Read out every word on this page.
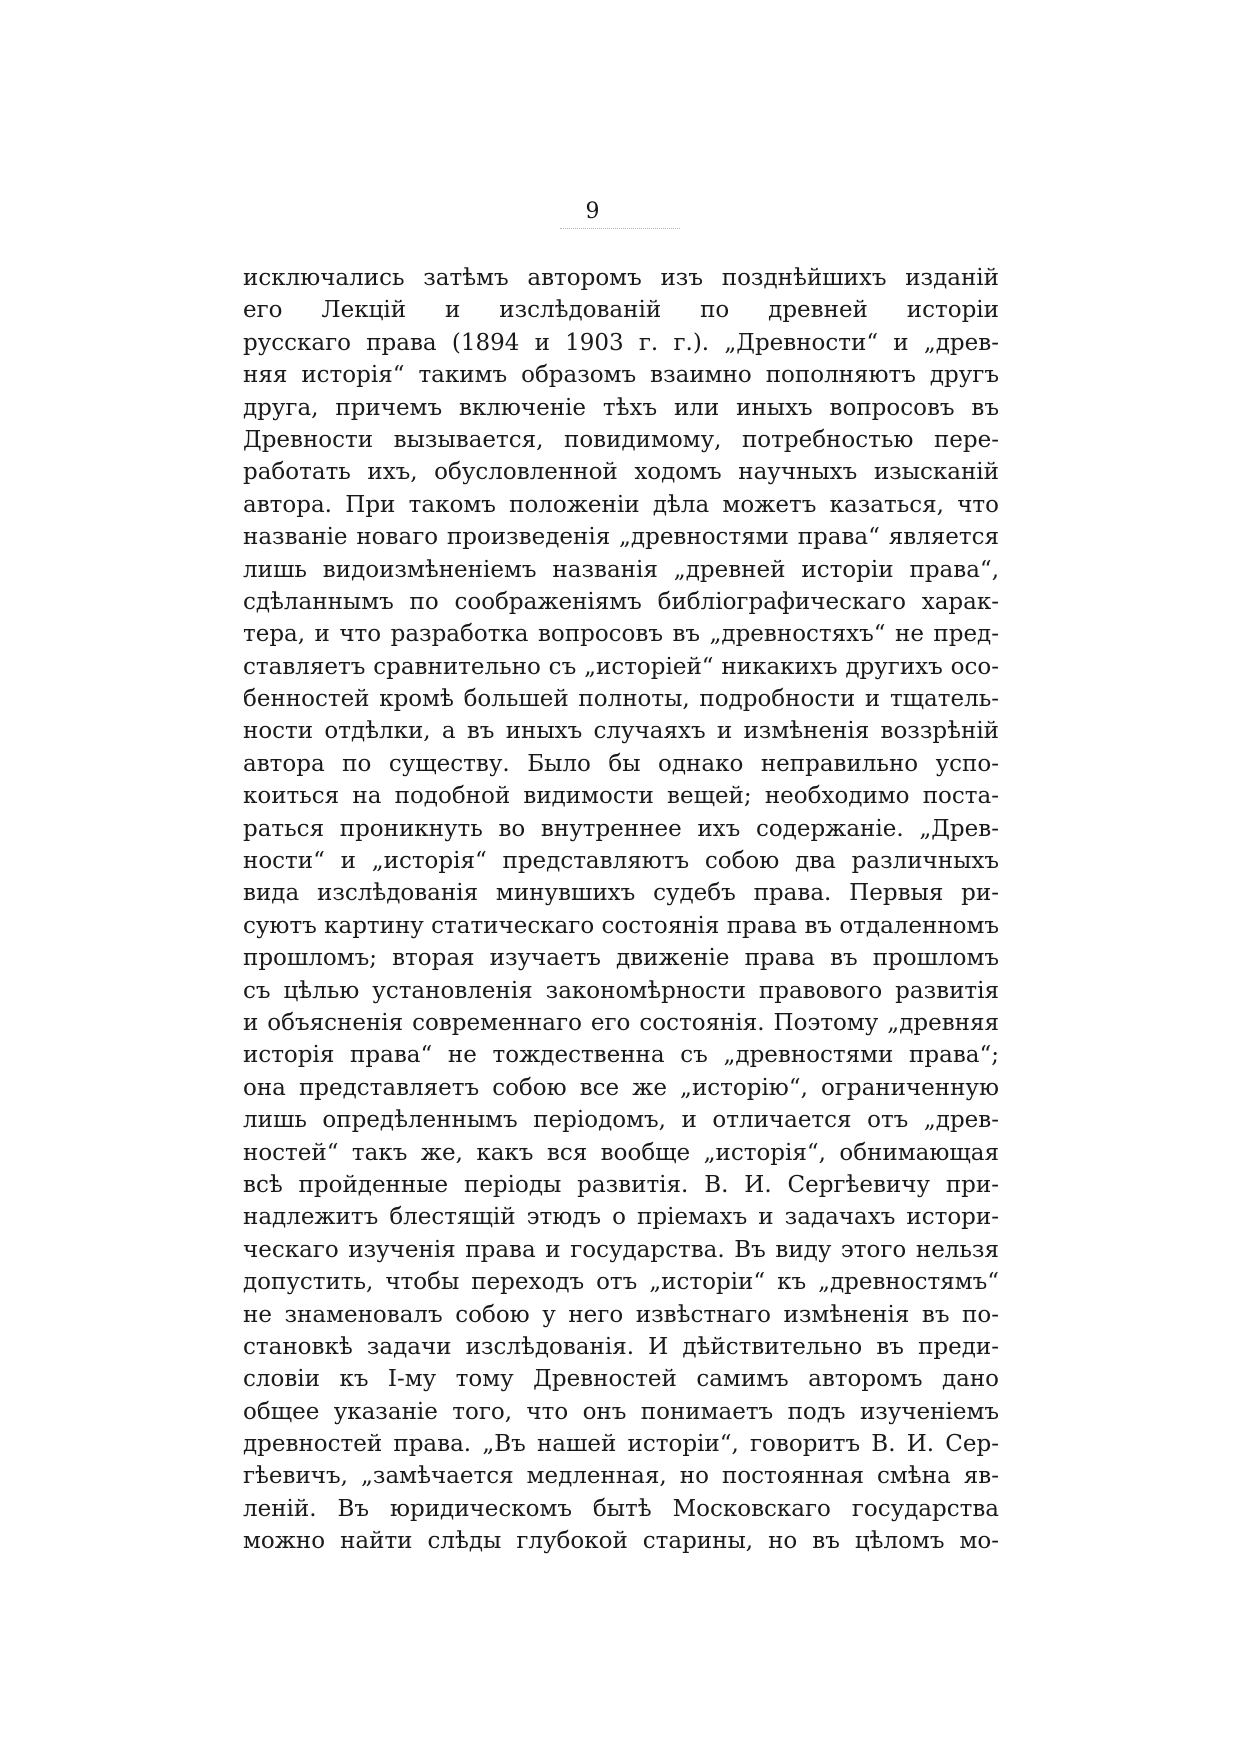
9
исключались затѣмъ авторомъ изъ позднѣйшихъ изданій
его Лекцій и изслѣдованій по древней исторіи
русскаго права (1894 и 1903 г. г.). „Древности“ и „древ-
няя исторія“ такимъ образомъ взаимно пополняютъ другъ
друга, причемъ включеніе тѣхъ или иныхъ вопросовъ въ
Древности вызывается, повидимому, потребностью пере-
работать ихъ, обусловленной ходомъ научныхъ изысканій
автора. При такомъ положеніи дѣла можетъ казаться, что
названіе новаго произведенія „древностями права“ является
лишь видоизмѣненіемъ названія „древней исторіи права“,
сдѣланнымъ по соображеніямъ библіографическаго харак-
тера, и что разработка вопросовъ въ „древностяхъ“ не пред-
ставляетъ сравнительно съ „исторіей“ никакихъ другихъ осо-
бенностей кромѣ большей полноты, подробности и тщатель-
ности отдѣлки, а въ иныхъ случаяхъ и измѣненія воззрѣній
автора по существу. Было бы однако неправильно успо-
коиться на подобной видимости вещей; необходимо поста-
раться проникнуть во внутреннее ихъ содержаніе. „Древ-
ности“ и „исторія“ представляютъ собою два различныхъ
вида изслѣдованія минувшихъ судебъ права. Первыя ри-
суютъ картину статическаго состоянія права въ отдаленномъ
прошломъ; вторая изучаетъ движеніе права въ прошломъ
съ цѣлью установленія закономѣрности правового развитія
и объясненія современнаго его состоянія. Поэтому „древняя
исторія права“ не тождественна съ „древностями права“;
она представляетъ собою все же „исторію“, ограниченную
лишь опредѣленнымъ періодомъ, и отличается отъ „древ-
ностей“ такъ же, какъ вся вообще „исторія“, обнимающая
всѣ пройденные періоды развитія. В. И. Сергѣевичу при-
надлежитъ блестящій этюдъ о пріемахъ и задачахъ истори-
ческаго изученія права и государства. Въ виду этого нельзя
допустить, чтобы переходъ отъ „исторіи“ къ „древностямъ“
не знаменовалъ собою у него извѣстнаго измѣненія въ по-
становкѣ задачи изслѣдованія. И дѣйствительно въ преди-
словіи къ I-му тому Древностей самимъ авторомъ дано
общее указаніе того, что онъ понимаетъ подъ изученіемъ
древностей права. „Въ нашей исторіи“, говоритъ В. И. Сер-
гѣевичъ, „замѣчается медленная, но постоянная смѣна яв-
леній. Въ юридическомъ бытѣ Московскаго государства
можно найти слѣды глубокой старины, но въ цѣломъ мо-
